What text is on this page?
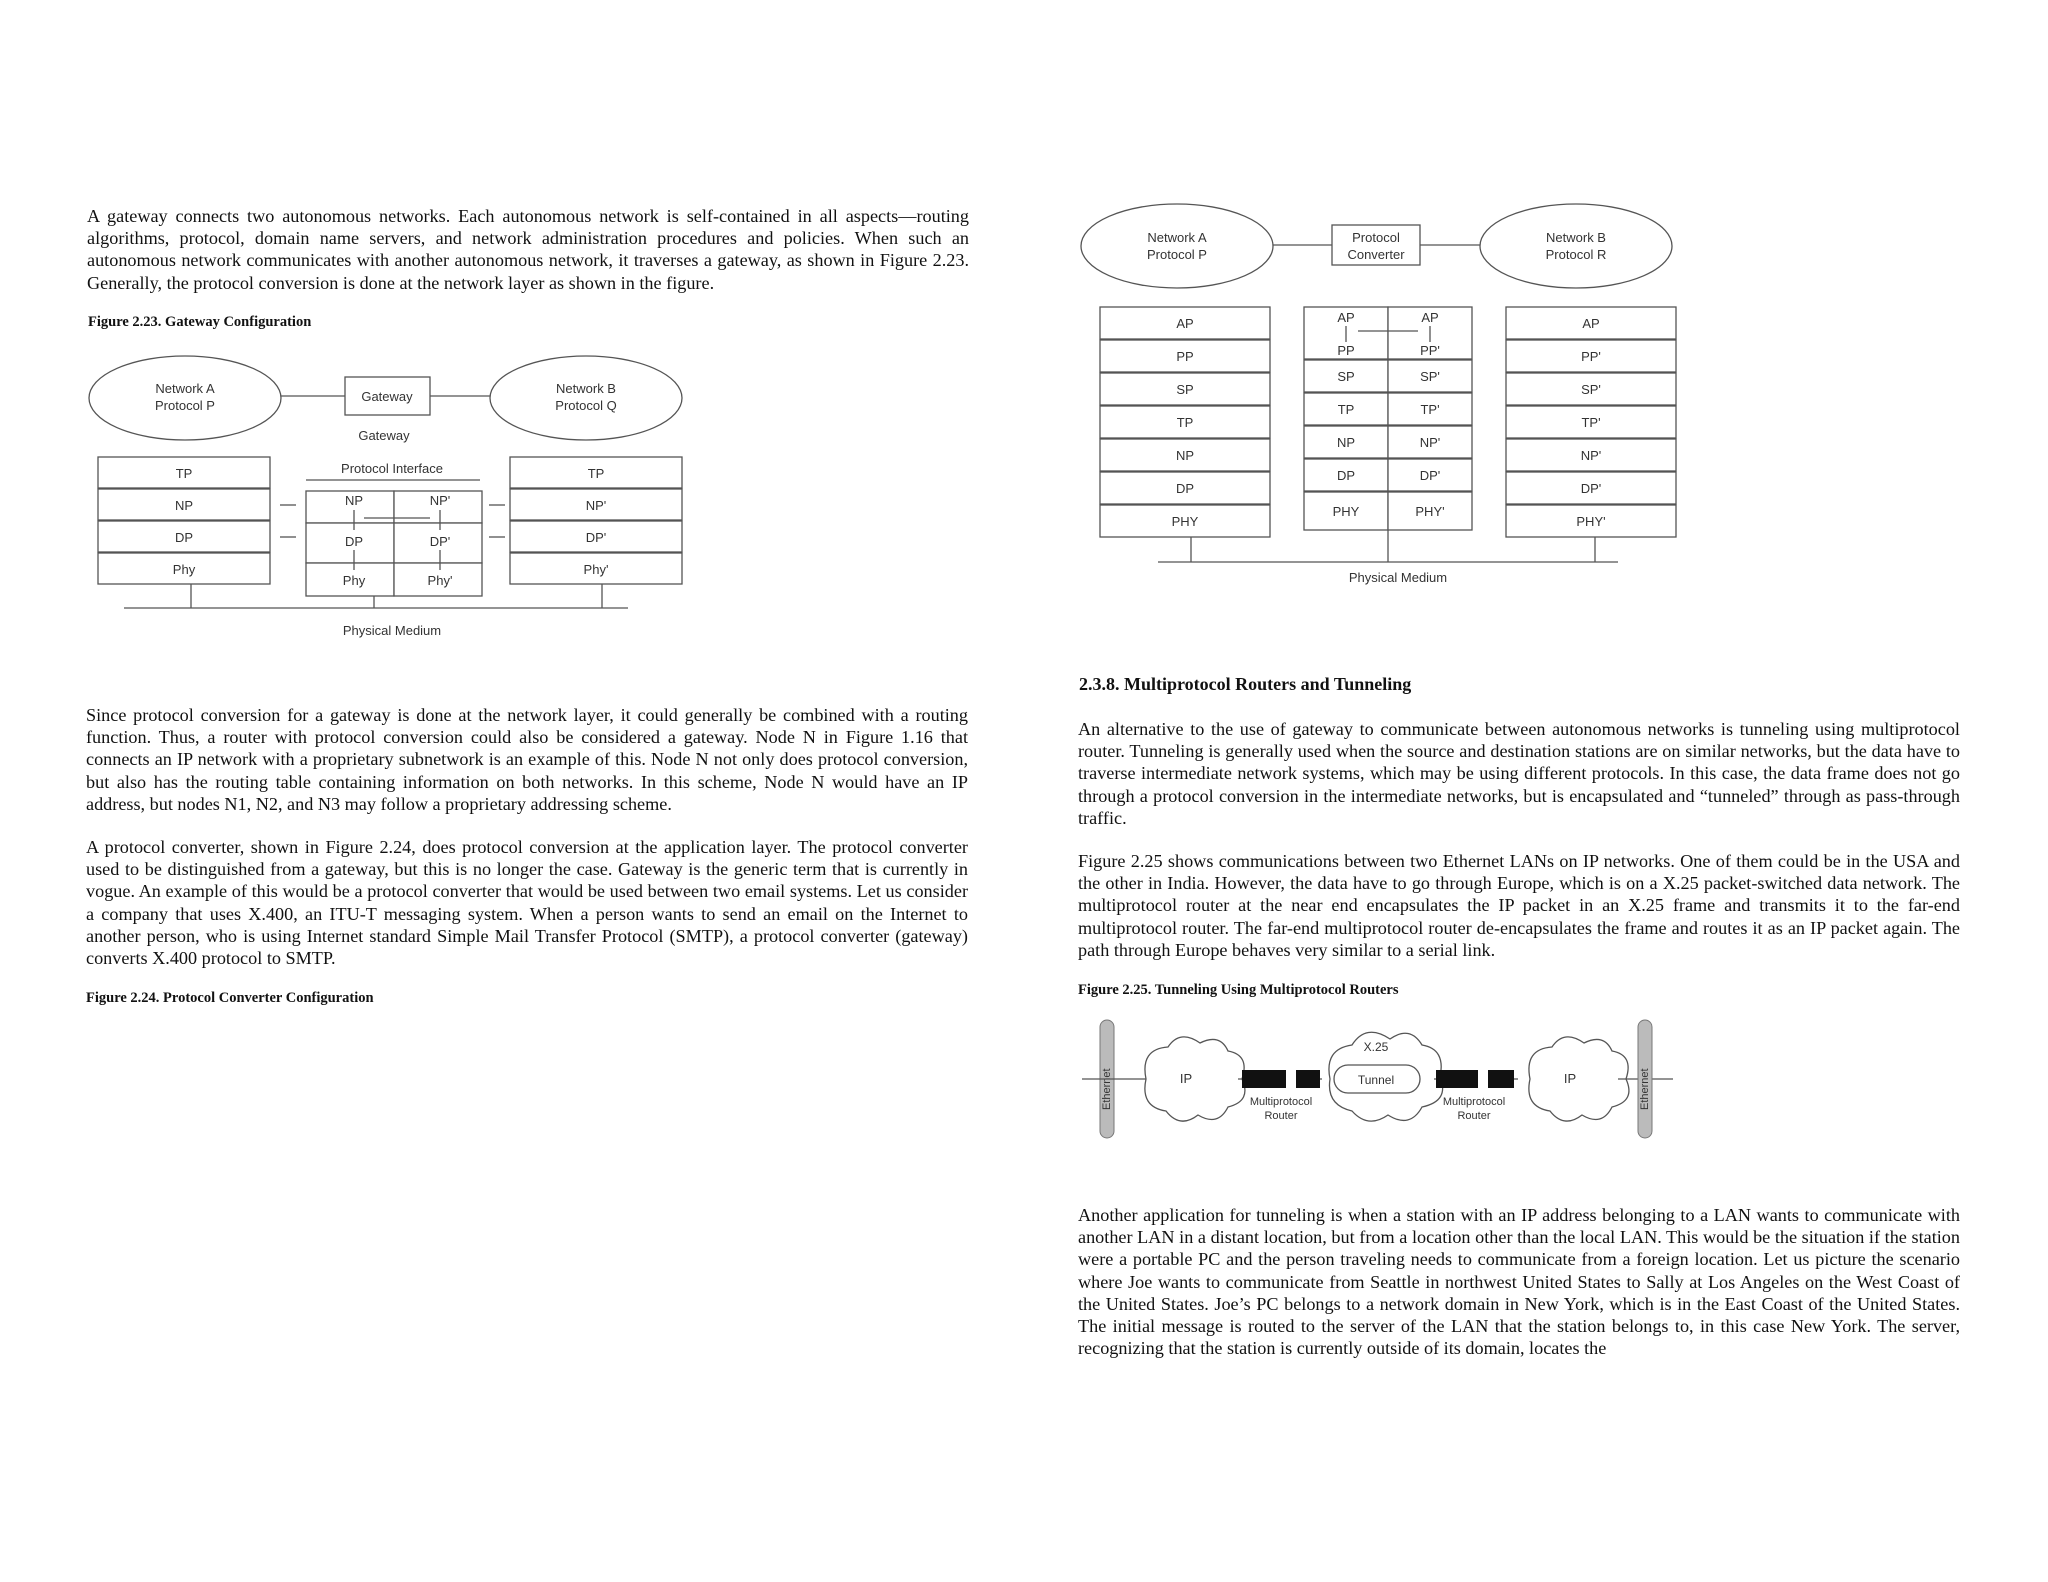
A gateway connects two autonomous networks. Each autonomous network is self-contained in all aspects—routing algorithms, protocol, domain name servers, and network administration procedures and policies. When such an autonomous network communicates with another autonomous network, it traverses a gateway, as shown in Figure 2.23. Generally, the protocol conversion is done at the network layer as shown in the figure.

Figure 2.23. Gateway Configuration

Network A
Protocol P
Gateway
Network B
Protocol Q
Gateway
Protocol Interface
TP
NP
DP
Phy
NP	NP'
DP	DP'
Phy	Phy'
TP
NP'
DP'
Phy'
Physical Medium

Since protocol conversion for a gateway is done at the network layer, it could generally be combined with a routing function. Thus, a router with protocol conversion could also be considered a gateway. Node N in Figure 1.16 that connects an IP network with a proprietary subnetwork is an example of this. Node N not only does protocol conversion, but also has the routing table containing information on both networks. In this scheme, Node N would have an IP address, but nodes N1, N2, and N3 may follow a proprietary addressing scheme.

A protocol converter, shown in Figure 2.24, does protocol conversion at the application layer. The protocol converter used to be distinguished from a gateway, but this is no longer the case. Gateway is the generic term that is currently in vogue. An example of this would be a protocol converter that would be used between two email systems. Let us consider a company that uses X.400, an ITU-T messaging system. When a person wants to send an email on the Internet to another person, who is using Internet standard Simple Mail Transfer Protocol (SMTP), a protocol converter (gateway) converts X.400 protocol to SMTP.

Figure 2.24. Protocol Converter Configuration

Network A
Protocol P
Protocol
Converter
Network B
Protocol R
AP
PP
SP
TP
NP
DP
PHY
AP	AP
PP	PP'
SP	SP'
TP	TP'
NP	NP'
DP	DP'
PHY	PHY'
AP
PP'
SP'
TP'
NP'
DP'
PHY'
Physical Medium

2.3.8. Multiprotocol Routers and Tunneling

An alternative to the use of gateway to communicate between autonomous networks is tunneling using multiprotocol router. Tunneling is generally used when the source and destination stations are on similar networks, but the data have to traverse intermediate network systems, which may be using different protocols. In this case, the data frame does not go through a protocol conversion in the intermediate networks, but is encapsulated and “tunneled” through as pass-through traffic.

Figure 2.25 shows communications between two Ethernet LANs on IP networks. One of them could be in the USA and the other in India. However, the data have to go through Europe, which is on a X.25 packet-switched data network. The multiprotocol router at the near end encapsulates the IP packet in an X.25 frame and transmits it to the far-end multiprotocol router. The far-end multiprotocol router de-encapsulates the frame and routes it as an IP packet again. The path through Europe behaves very similar to a serial link.

Figure 2.25. Tunneling Using Multiprotocol Routers

Ethernet	IP
Multiprotocol
Router
X.25
Tunnel
Multiprotocol
Router
IP	Ethernet

Another application for tunneling is when a station with an IP address belonging to a LAN wants to communicate with another LAN in a distant location, but from a location other than the local LAN. This would be the situation if the station were a portable PC and the person traveling needs to communicate from a foreign location. Let us picture the scenario where Joe wants to communicate from Seattle in northwest United States to Sally at Los Angeles on the West Coast of the United States. Joe’s PC belongs to a network domain in New York, which is in the East Coast of the United States. The initial message is routed to the server of the LAN that the station belongs to, in this case New York. The server, recognizing that the station is currently outside of its domain, locates the
